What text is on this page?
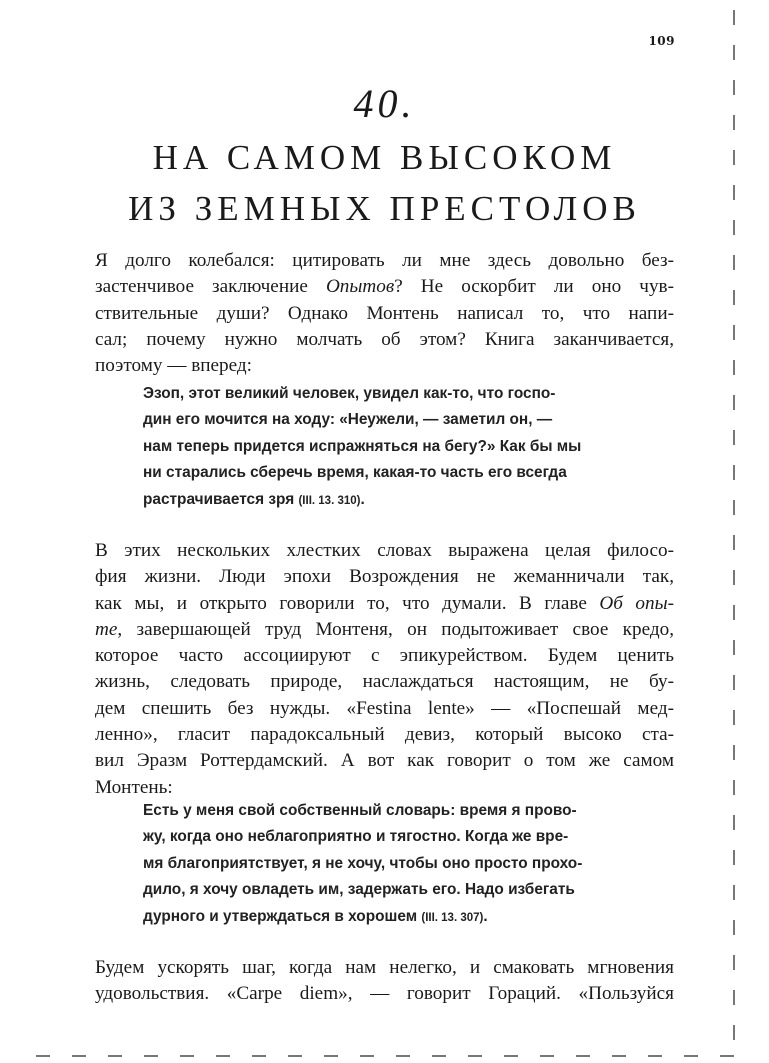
109
40.
НА САМОМ ВЫСОКОМ
ИЗ ЗЕМНЫХ ПРЕСТОЛОВ
Я долго колебался: цитировать ли мне здесь довольно без-
застенчивое заключение Опытов? Не оскорбит ли оно чув-
ствительные души? Однако Монтень написал то, что напи-
сал; почему нужно молчать об этом? Книга заканчивается,
поэтому — вперед:
Эзоп, этот великий человек, увидел как-то, что госпо-
дин его мочится на ходу: «Неужели, — заметил он, —
нам теперь придется испражняться на бегу?» Как бы мы
ни старались сберечь время, какая-то часть его всегда
растрачивается зря (III. 13. 310).
В этих нескольких хлестких словах выражена целая филосо-
фия жизни. Люди эпохи Возрождения не жеманничали так,
как мы, и открыто говорили то, что думали. В главе Об опы-
те, завершающей труд Монтеня, он подытоживает свое кредо,
которое часто ассоциируют с эпикурейством. Будем ценить
жизнь, следовать природе, наслаждаться настоящим, не бу-
дем спешить без нужды. «Festina lente» — «Поспешай мед-
ленно», гласит парадоксальный девиз, который высоко ста-
вил Эразм Роттердамский. А вот как говорит о том же самом
Монтень:
Есть у меня свой собственный словарь: время я прово-
жу, когда оно неблагоприятно и тягостно. Когда же вре-
мя благоприятствует, я не хочу, чтобы оно просто прохо-
дило, я хочу овладеть им, задержать его. Надо избегать
дурного и утверждаться в хорошем (III. 13. 307).
Будем ускорять шаг, когда нам нелегко, и смаковать мгновения
удовольствия. «Carpe diem», — говорит Гораций. «Пользуйся
